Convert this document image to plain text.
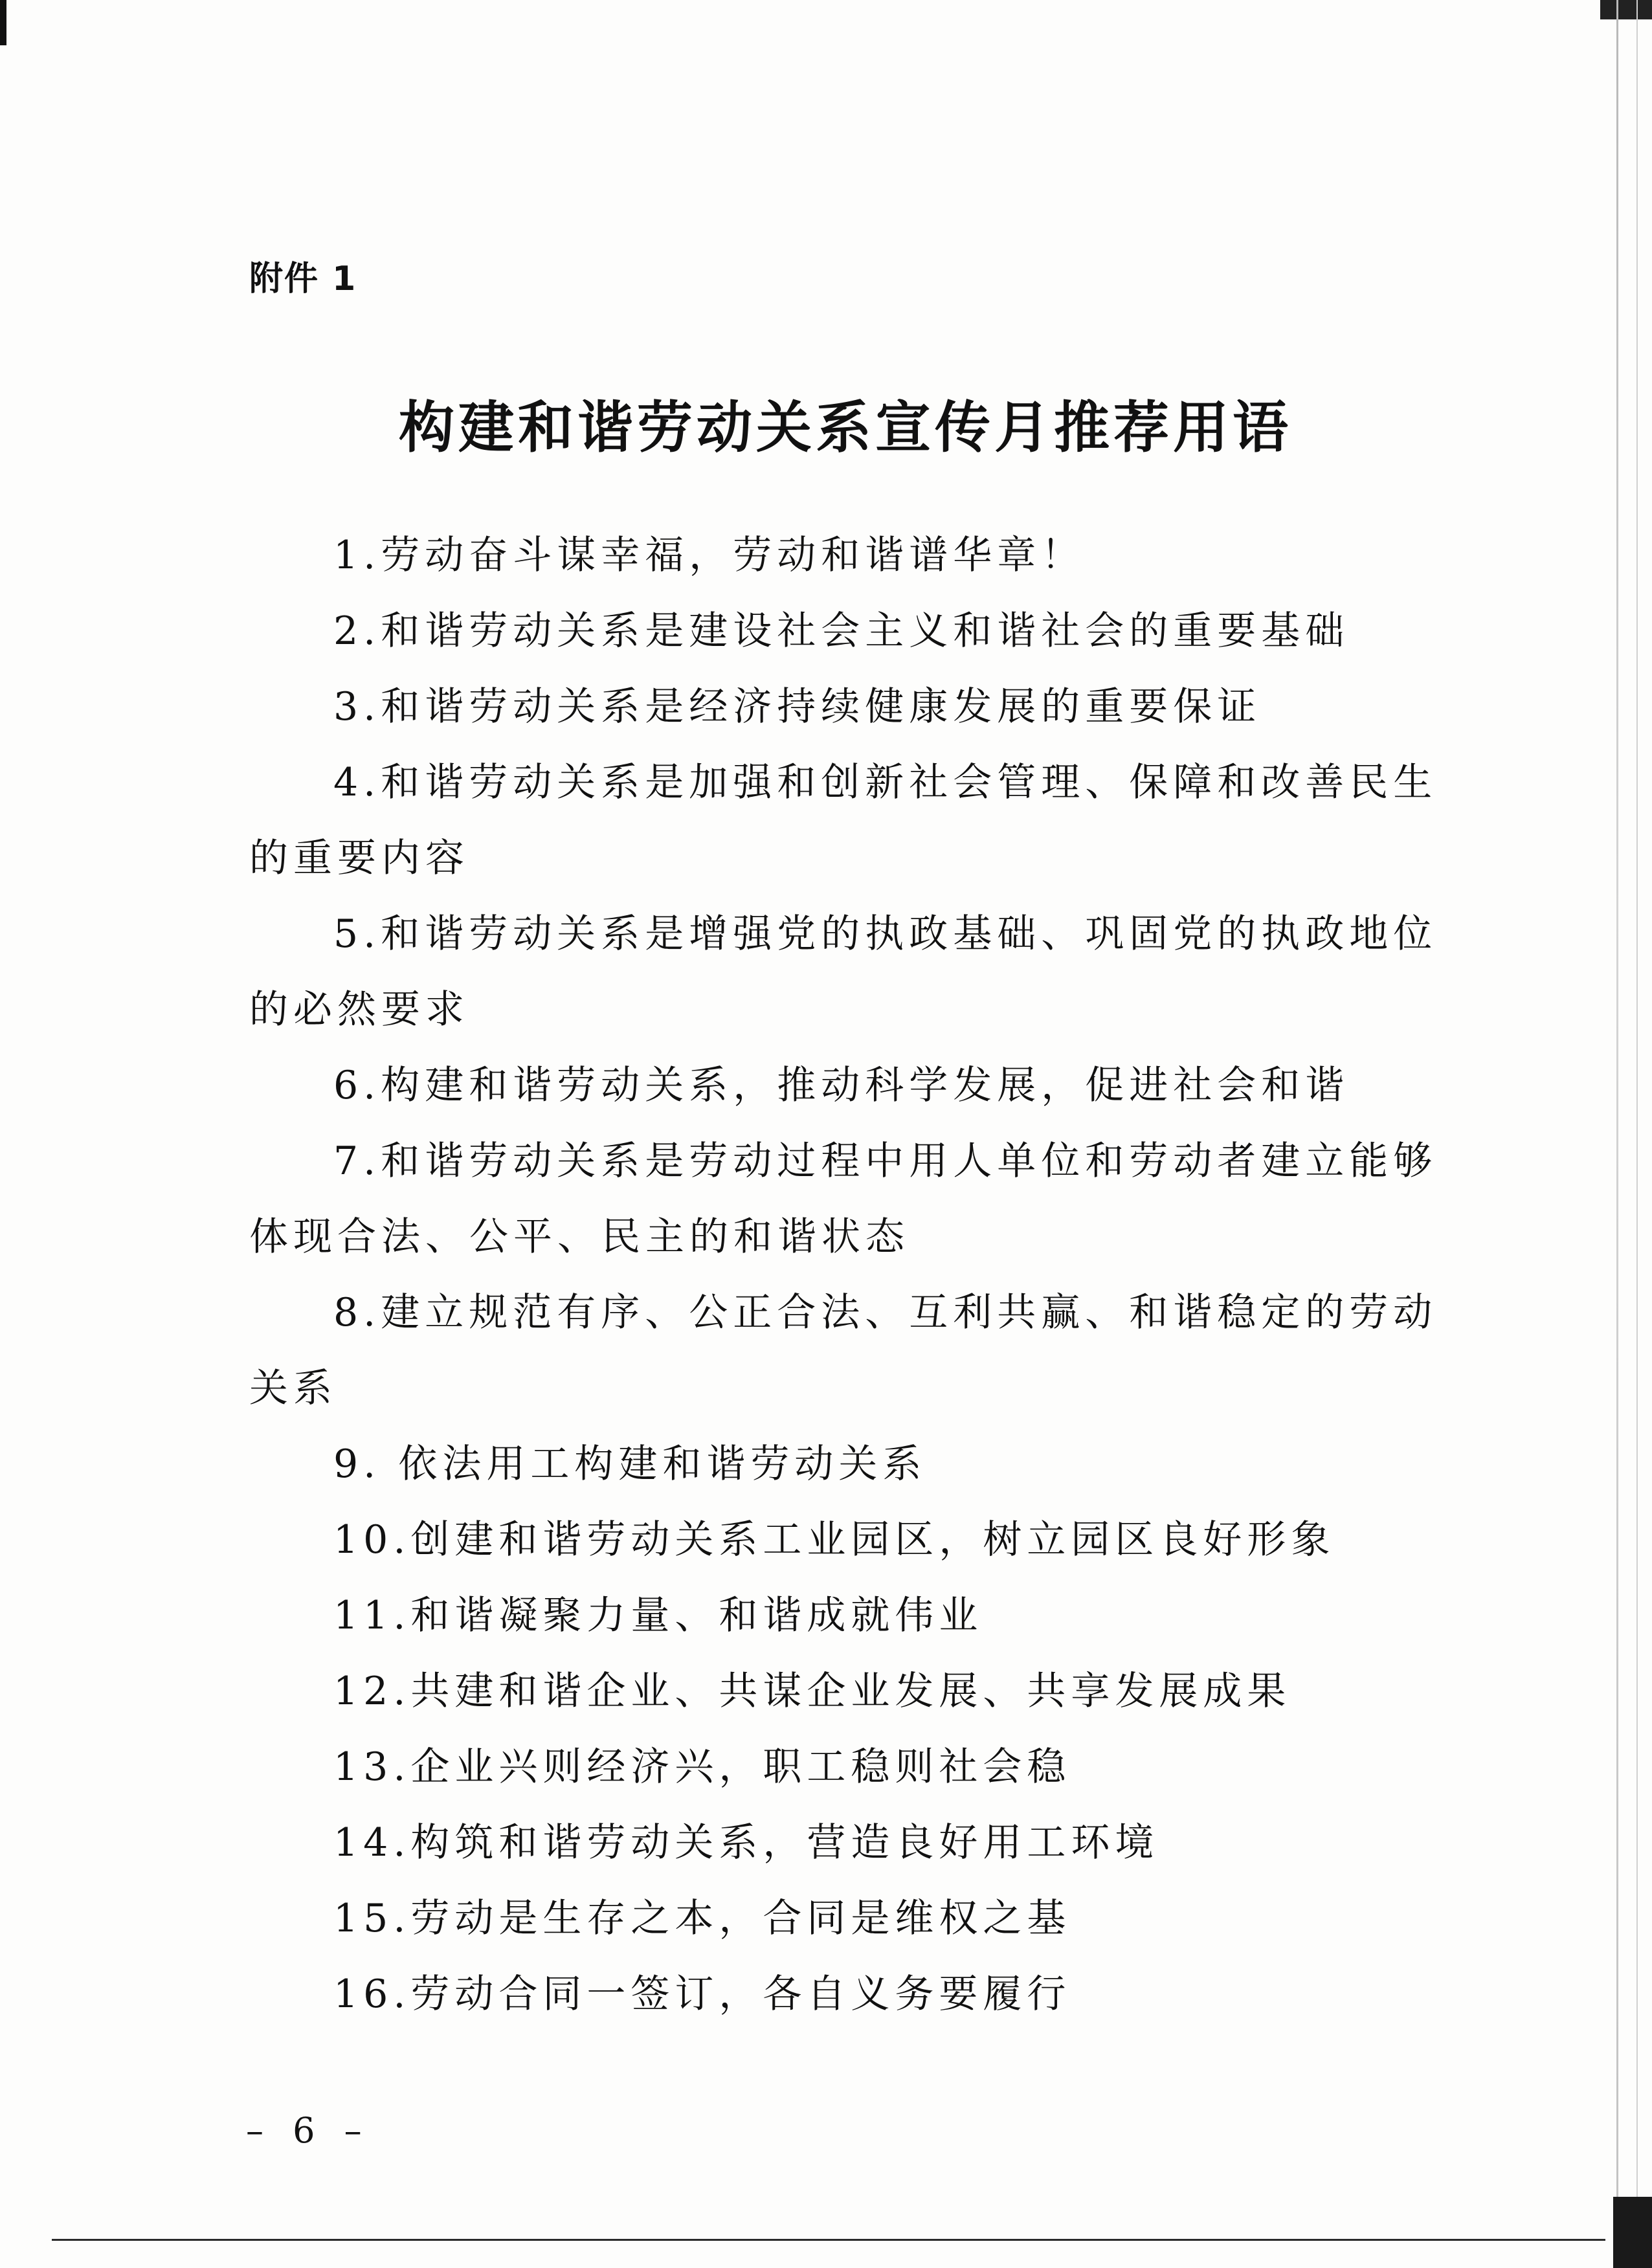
附件 1
构建和谐劳动关系宣传月推荐用语
1.劳动奋斗谋幸福，劳动和谐谱华章！
2.和谐劳动关系是建设社会主义和谐社会的重要基础
3.和谐劳动关系是经济持续健康发展的重要保证
4.和谐劳动关系是加强和创新社会管理、保障和改善民生的重要内容
5.和谐劳动关系是增强党的执政基础、巩固党的执政地位的必然要求
6.构建和谐劳动关系，推动科学发展，促进社会和谐
7.和谐劳动关系是劳动过程中用人单位和劳动者建立能够体现合法、公平、民主的和谐状态
8.建立规范有序、公正合法、互利共赢、和谐稳定的劳动关系
9. 依法用工构建和谐劳动关系
10.创建和谐劳动关系工业园区，树立园区良好形象
11.和谐凝聚力量、和谐成就伟业
12.共建和谐企业、共谋企业发展、共享发展成果
13.企业兴则经济兴，职工稳则社会稳
14.构筑和谐劳动关系，营造良好用工环境
15.劳动是生存之本，合同是维权之基
16.劳动合同一签订，各自义务要履行
– 6 –
